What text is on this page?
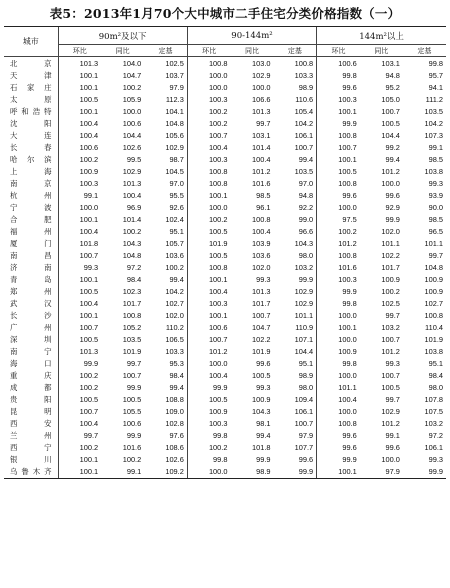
表5：2013年1月70个大中城市二手住宅分类价格指数（一）
城市	90m²及以下			90-144m²			144m²以上		
	环比	同比	定基	环比	同比	定基	环比	同比	定基
北京	101.3	104.0	102.5	100.8	103.0	100.8	100.6	103.1	99.8
天津	100.1	104.7	103.7	100.0	102.9	103.3	99.8	94.8	95.7
石家庄	100.1	100.2	97.9	100.0	100.0	98.9	99.6	95.2	94.1
太原	100.5	105.9	112.3	100.3	106.6	110.6	100.3	105.0	111.2
呼和浩特	100.1	100.0	104.1	100.2	101.3	105.4	100.1	100.7	103.5
沈阳	100.4	100.6	104.8	100.2	99.7	104.2	99.9	100.5	104.2
大连	100.4	104.4	105.6	100.7	103.1	106.1	100.8	104.4	107.3
长春	100.6	102.6	102.9	100.4	101.4	100.7	100.7	99.2	99.1
哈尔滨	100.2	99.5	98.7	100.3	100.4	99.4	100.1	99.4	98.5
上海	100.9	102.9	104.5	100.8	101.2	103.5	100.5	101.2	103.8
南京	100.3	101.3	97.0	100.8	101.6	97.0	100.8	100.0	99.3
杭州	99.1	100.4	95.5	100.1	98.5	94.8	99.6	99.6	93.9
宁波	100.0	96.9	92.6	100.0	96.1	92.2	100.0	92.9	90.0
合肥	100.1	101.4	102.4	100.2	100.8	99.0	97.5	99.9	98.5
福州	100.4	100.2	95.1	100.5	100.4	96.6	100.2	102.0	96.5
厦门	101.8	104.3	105.7	101.9	103.9	104.3	101.2	101.1	101.1
南昌	100.7	104.8	103.6	100.5	103.6	98.0	100.8	102.2	99.7
济南	99.3	97.2	100.2	100.8	102.0	103.2	101.6	101.7	104.8
青岛	100.1	98.4	99.4	100.1	99.3	99.9	100.3	100.9	100.9
郑州	100.5	102.3	104.2	100.4	101.3	102.9	99.9	100.2	100.9
武汉	100.4	101.7	102.7	100.3	101.7	102.9	99.8	102.5	102.7
长沙	100.1	100.8	102.0	100.1	100.7	101.1	100.0	99.7	100.8
广州	100.7	105.2	110.2	100.6	104.7	110.9	100.1	103.2	110.4
深圳	100.5	103.5	106.5	100.7	102.2	107.1	100.0	100.7	101.9
南宁	101.3	101.9	103.3	101.2	101.9	104.4	100.9	101.2	103.8
海口	99.9	99.7	95.3	100.0	99.6	95.1	99.8	99.3	95.1
重庆	100.2	100.7	98.4	100.4	100.5	98.9	100.0	100.7	98.4
成都	100.2	99.9	99.4	99.9	99.3	98.0	101.1	100.5	98.0
贵阳	100.5	100.5	108.8	100.5	100.9	109.4	100.4	99.7	107.8
昆明	100.7	105.5	109.0	100.9	104.3	106.1	100.0	102.9	107.5
西安	100.4	100.6	102.8	100.3	98.1	100.7	100.8	101.2	103.2
兰州	99.7	99.9	97.6	99.8	99.4	97.9	99.6	99.1	97.2
西宁	100.2	101.6	108.6	100.2	101.8	107.7	99.6	99.6	106.1
银川	100.1	100.2	102.6	99.8	99.9	99.6	99.9	100.0	99.3
乌鲁木齐	100.1	99.1	109.2	100.0	98.9	99.9	100.1	97.9	99.9
互动房缘
house.bdinfo.net
